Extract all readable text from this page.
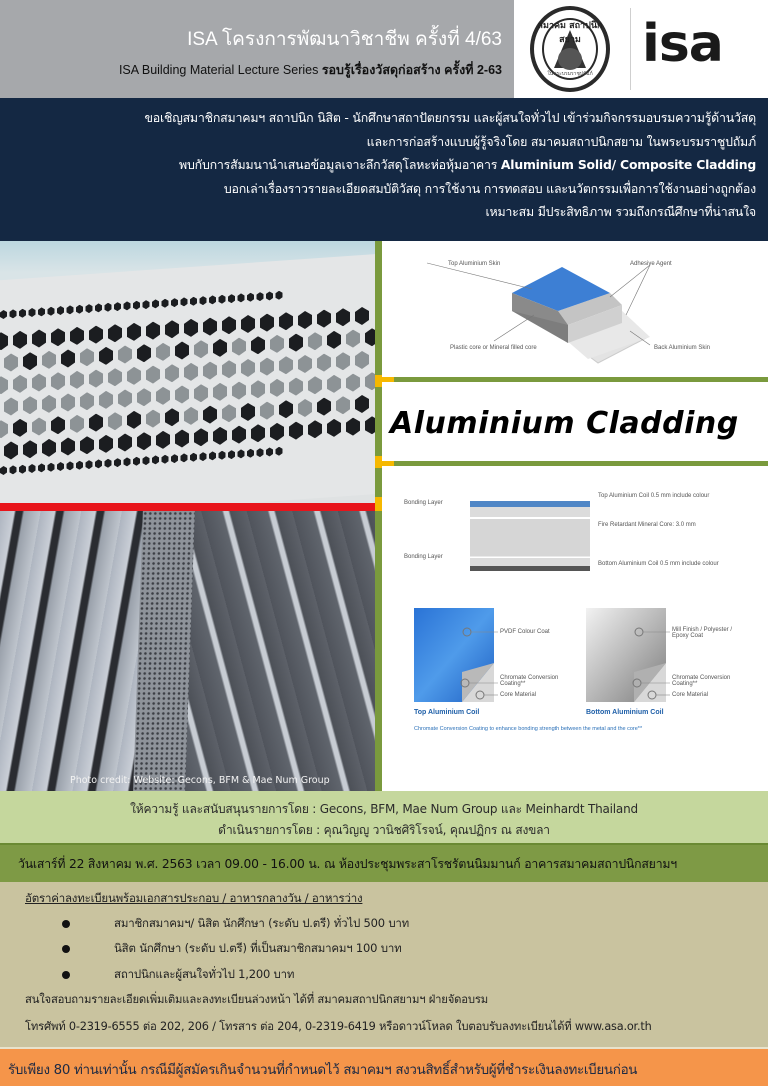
ISA โครงการพัฒนาวิชาชีพ ครั้งที่ 4/63
ISA Building Material Lecture Series รอบรู้เรื่องวัสดุก่อสร้าง ครั้งที่ 2-63
สมาคม สถาปนิก สยาม
ในพระบรมราชูปถัมภ์ isa

ขอเชิญสมาชิกสมาคมฯ สถาปนิก นิสิต - นักศึกษาสถาปัตยกรรม และผู้สนใจทั่วไป เข้าร่วมกิจกรรมอบรมความรู้ด้านวัสดุ

และการก่อสร้างแบบผู้รู้จริงโดย สมาคมสถาปนิกสยาม ในพระบรมราชูปถัมภ์

พบกับการสัมมนานำเสนอข้อมูลเจาะลึกวัสดุโลหะห่อหุ้มอาคาร Aluminium Solid/ Composite Cladding

บอกเล่าเรื่องราวรายละเอียดสมบัติวัสดุ การใช้งาน การทดสอบ และนวัตกรรมเพื่อการใช้งานอย่างถูกต้อง

เหมาะสม มีประสิทธิภาพ รวมถึงกรณีศึกษาที่น่าสนใจ

Photo credit: Website: Gecons, BFM & Mae Num Group
Top Aluminium Skin	Adhesive Agent
Plastic core or Mineral filled core	Back Aluminium Skin
Aluminium Cladding
Bonding Layer
Bonding Layer
Top Aluminium Coil 0.5 mm include colour
Fire Retardant Mineral Core: 3.0 mm
Bottom Aluminium Coil 0.5 mm include colour
PVDF Colour Coat
Chromate Conversion Coating**
Core Material
Mill Finish / Polyester / Epoxy Coat
Chromate Conversion Coating**
Core Material
Top Aluminium Coil	Bottom Aluminium Coil
Chromate Conversion Coating to enhance bonding strength between the metal and the core**

ให้ความรู้ และสนับสนุนรายการโดย : Gecons, BFM, Mae Num Group และ Meinhardt Thailand

ดำเนินรายการโดย : คุณวิญญู วานิชศิริโรจน์, คุณปฏิกร ณ สงขลา

วันเสาร์ที่ 22 สิงหาคม พ.ศ. 2563 เวลา 09.00 - 16.00 น. ณ ห้องประชุมพระสาโรชรัตนนิมมานก์ อาคารสมาคมสถาปนิกสยามฯ

อัตราค่าลงทะเบียนพร้อมเอกสารประกอบ / อาหารกลางวัน / อาหารว่าง
สมาชิกสมาคมฯ/ นิสิต นักศึกษา (ระดับ ป.ตรี) ทั่วไป 500 บาท
นิสิต นักศึกษา (ระดับ ป.ตรี) ที่เป็นสมาชิกสมาคมฯ 100 บาท
สถาปนิกและผู้สนใจทั่วไป 1,200 บาท
สนใจสอบถามรายละเอียดเพิ่มเติมและลงทะเบียนล่วงหน้า ได้ที่ สมาคมสถาปนิกสยามฯ ฝ่ายจัดอบรม
โทรศัพท์ 0-2319-6555 ต่อ 202, 206 / โทรสาร ต่อ 204, 0-2319-6419 หรือดาวน์โหลด ใบตอบรับลงทะเบียนได้ที่ www.asa.or.th

รับเพียง 80 ท่านเท่านั้น กรณีมีผู้สมัครเกินจำนวนที่กำหนดไว้ สมาคมฯ สงวนสิทธิ์สำหรับผู้ที่ชำระเงินลงทะเบียนก่อน
